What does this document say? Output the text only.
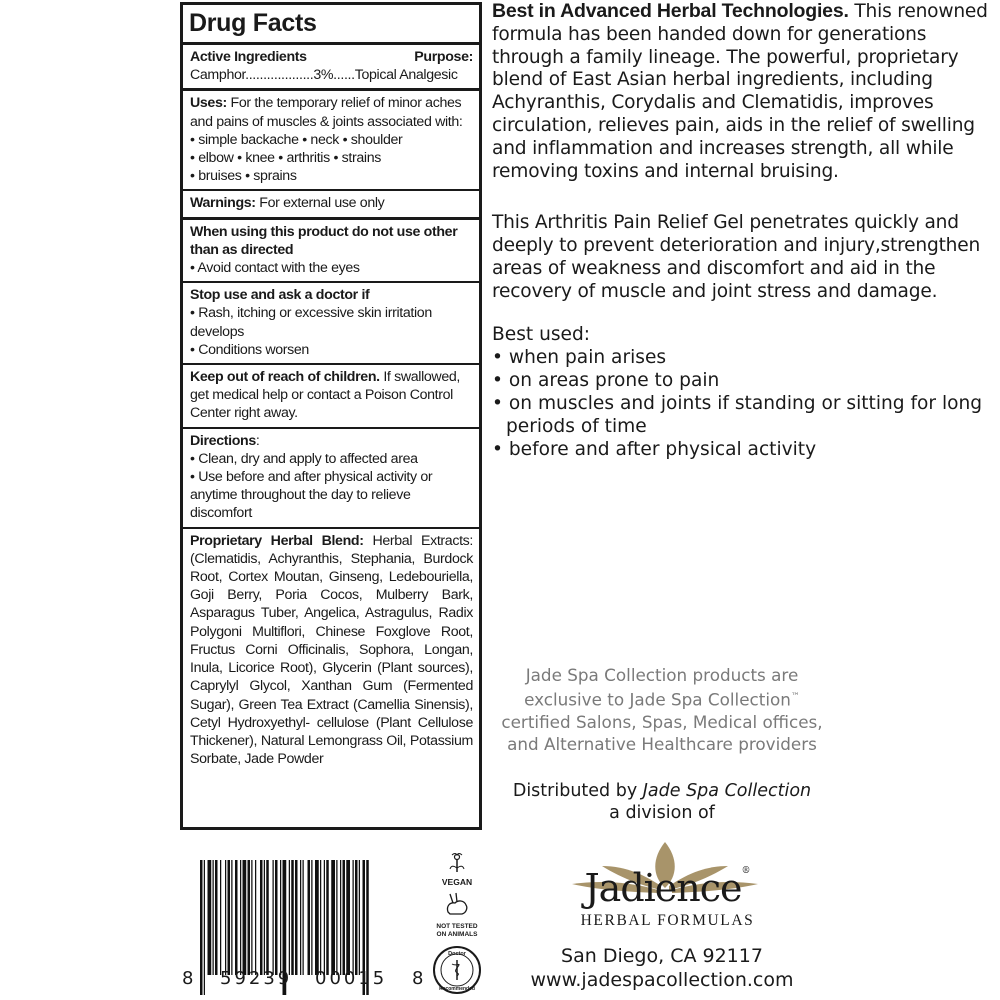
Drug Facts
Active Ingredients	Purpose:
Camphor...................3%......Topical Analgesic
Uses: For the temporary relief of minor aches and pains of muscles & joints associated with:
• simple backache • neck • shoulder
• elbow • knee • arthritis • strains
• bruises • sprains
Warnings: For external use only
When using this product do not use other than as directed
• Avoid contact with the eyes
Stop use and ask a doctor if
• Rash, itching or excessive skin irritation develops
• Conditions worsen
Keep out of reach of children. If swallowed, get medical help or contact a Poison Control Center right away.
Directions:
• Clean, dry and apply to affected area
• Use before and after physical activity or anytime throughout the day to relieve discomfort
Proprietary Herbal Blend: Herbal Extracts: (Clematidis, Achyranthis, Stephania, Burdock Root, Cortex Moutan, Ginseng, Ledebouriella, Goji Berry, Poria Cocos, Mulberry Bark, Asparagus Tuber, Angelica, Astragulus, Radix Polygoni Multiflori, Chinese Foxglove Root, Fructus Corni Officinalis, Sophora, Longan, Inula, Licorice Root), Glycerin (Plant sources), Caprylyl Glycol, Xanthan Gum (Fermented Sugar), Green Tea Extract (Camellia Sinensis), Cetyl Hydroxyethyl- cellulose (Plant Cellulose Thickener), Natural Lemongrass Oil, Potassium Sorbate, Jade Powder

Best in Advanced Herbal Technologies. This renowned formula has been handed down for generations through a family lineage. The powerful, proprietary blend of East Asian herbal ingredients, including Achyranthis, Corydalis and Clematidis, improves circulation, relieves pain, aids in the relief of swelling and inflammation and increases strength, all while removing toxins and internal bruising.

This Arthritis Pain Relief Gel penetrates quickly and deeply to prevent deterioration and injury,strengthen areas of weakness and discomfort and aid in the recovery of muscle and joint stress and damage.

Best used:
• when pain arises
• on areas prone to pain
• on muscles and joints if standing or sitting for long periods of time
• before and after physical activity
Jade Spa Collection products are exclusive to Jade Spa Collection™ certified Salons, Spas, Medical offices, and Alternative Healthcare providers
Distributed by Jade Spa Collection
a division of
Jadience®
HERBAL FORMULAS
San Diego, CA 92117
www.jadespacollection.com
8 59239 00015 8
VEGAN
NOT TESTED
ON ANIMALS
Doctor
Recommended
